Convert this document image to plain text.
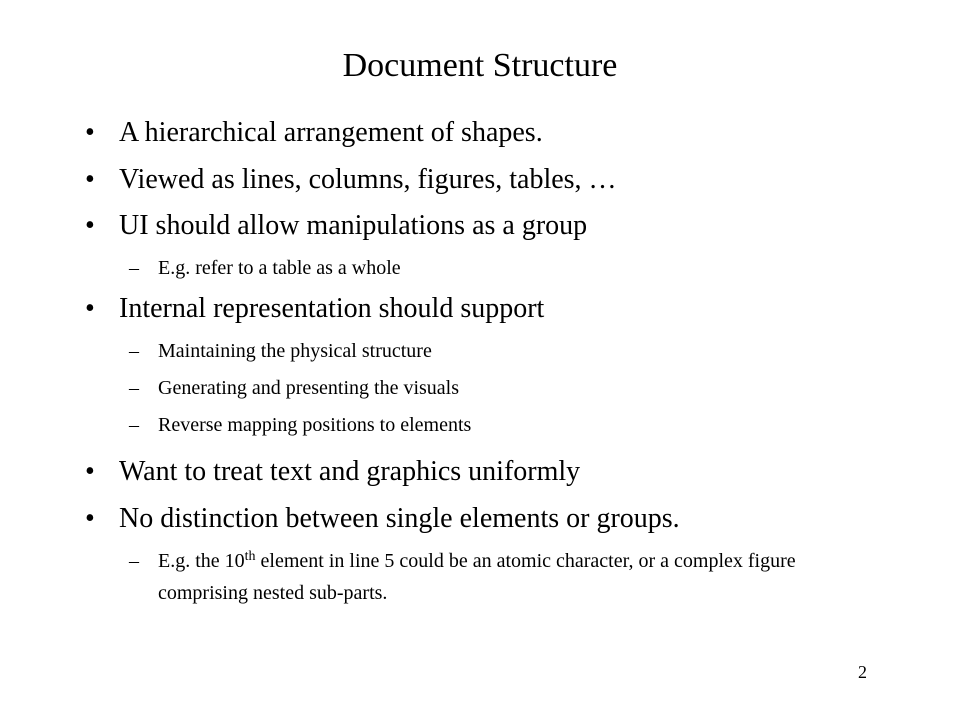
Document Structure
• A hierarchical arrangement of shapes.
• Viewed as lines, columns, figures, tables, …
• UI should allow manipulations as a group
– E.g. refer to a table as a whole
• Internal representation should support
– Maintaining the physical structure
– Generating and presenting the visuals
– Reverse mapping positions to elements
• Want to treat text and graphics uniformly
• No distinction between single elements or groups.
– E.g. the 10th element in line 5 could be an atomic character, or a complex figure comprising nested sub-parts.
2
